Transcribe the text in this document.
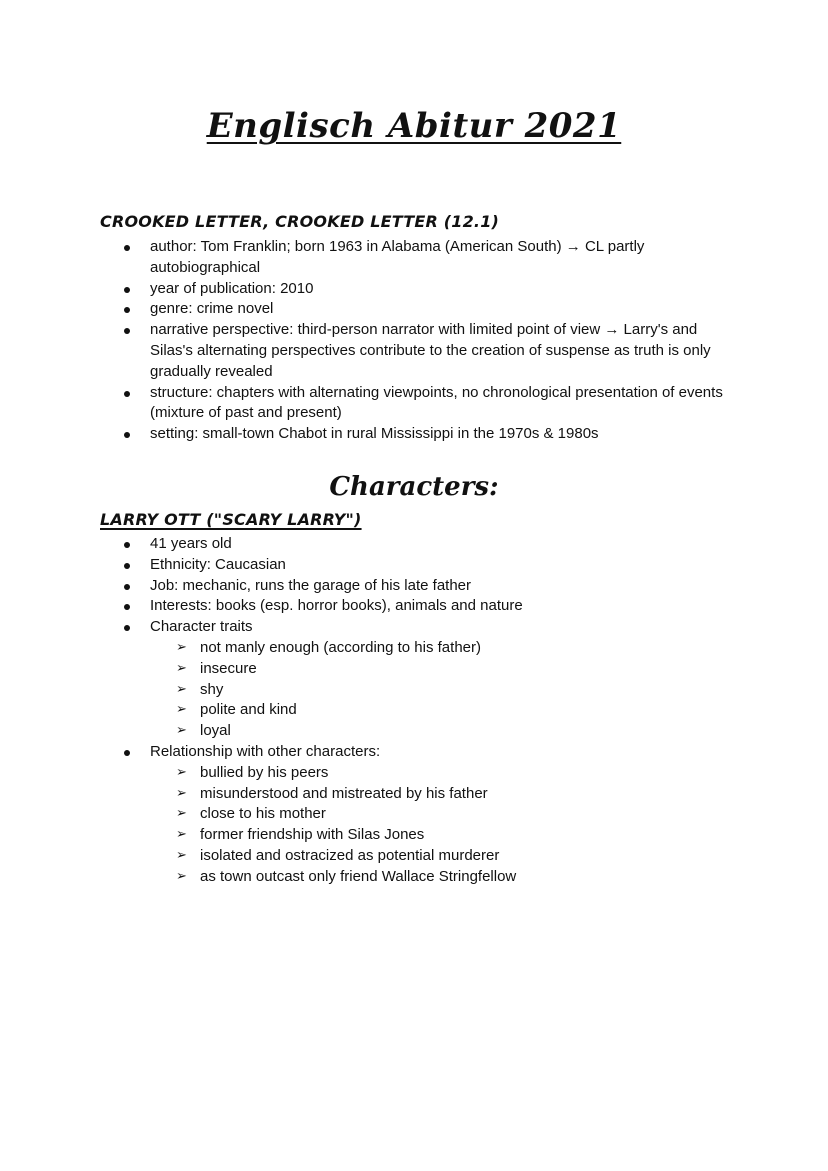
Englisch Abitur 2021
CROOKED LETTER, CROOKED LETTER (12.1)
author: Tom Franklin; born 1963 in Alabama (American South) → CL partly autobiographical
year of publication: 2010
genre: crime novel
narrative perspective: third-person narrator with limited point of view → Larry's and Silas's alternating perspectives contribute to the creation of suspense as truth is only gradually revealed
structure: chapters with alternating viewpoints, no chronological presentation of events (mixture of past and present)
setting: small-town Chabot in rural Mississippi in the 1970s & 1980s
Characters:
LARRY OTT ("SCARY LARRY")
41 years old
Ethnicity: Caucasian
Job: mechanic, runs the garage of his late father
Interests: books (esp. horror books), animals and nature
Character traits
➢ not manly enough (according to his father)
➢ insecure
➢ shy
➢ polite and kind
➢ loyal
Relationship with other characters:
➢ bullied by his peers
➢ misunderstood and mistreated by his father
➢ close to his mother
➢ former friendship with Silas Jones
➢ isolated and ostracized as potential murderer
➢ as town outcast only friend Wallace Stringfellow
